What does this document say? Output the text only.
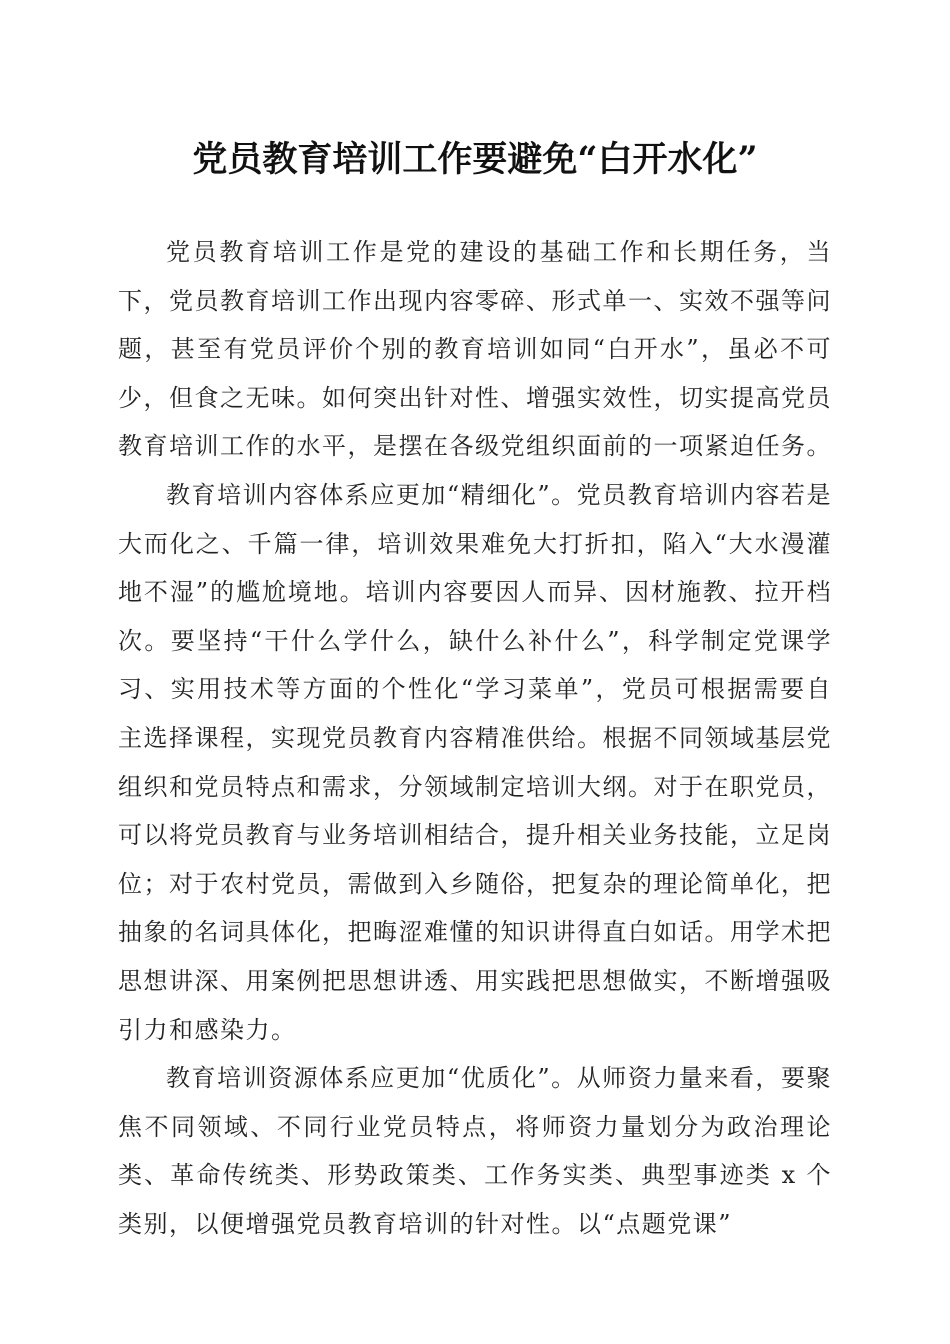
党员教育培训工作要避免“白开水化”

党员教育培训工作是党的建设的基础工作和长期任务，当下，党员教育培训工作出现内容零碎、形式单一、实效不强等问题，甚至有党员评价个别的教育培训如同“白开水”，虽必不可少，但食之无味。如何突出针对性、增强实效性，切实提高党员教育培训工作的水平，是摆在各级党组织面前的一项紧迫任务。

教育培训内容体系应更加“精细化”。党员教育培训内容若是大而化之、千篇一律，培训效果难免大打折扣，陷入“大水漫灌地不湿”的尴尬境地。培训内容要因人而异、因材施教、拉开档次。要坚持“干什么学什么，缺什么补什么”，科学制定党课学习、实用技术等方面的个性化“学习菜单”，党员可根据需要自主选择课程，实现党员教育内容精准供给。根据不同领域基层党组织和党员特点和需求，分领域制定培训大纲。对于在职党员，可以将党员教育与业务培训相结合，提升相关业务技能，立足岗位；对于农村党员，需做到入乡随俗，把复杂的理论简单化，把抽象的名词具体化，把晦涩难懂的知识讲得直白如话。用学术把思想讲深、用案例把思想讲透、用实践把思想做实，不断增强吸引力和感染力。

教育培训资源体系应更加“优质化”。从师资力量来看，要聚焦不同领域、不同行业党员特点，将师资力量划分为政治理论类、革命传统类、形势政策类、工作务实类、典型事迹类 x 个类别，以便增强党员教育培训的针对性。以“点题党课”
